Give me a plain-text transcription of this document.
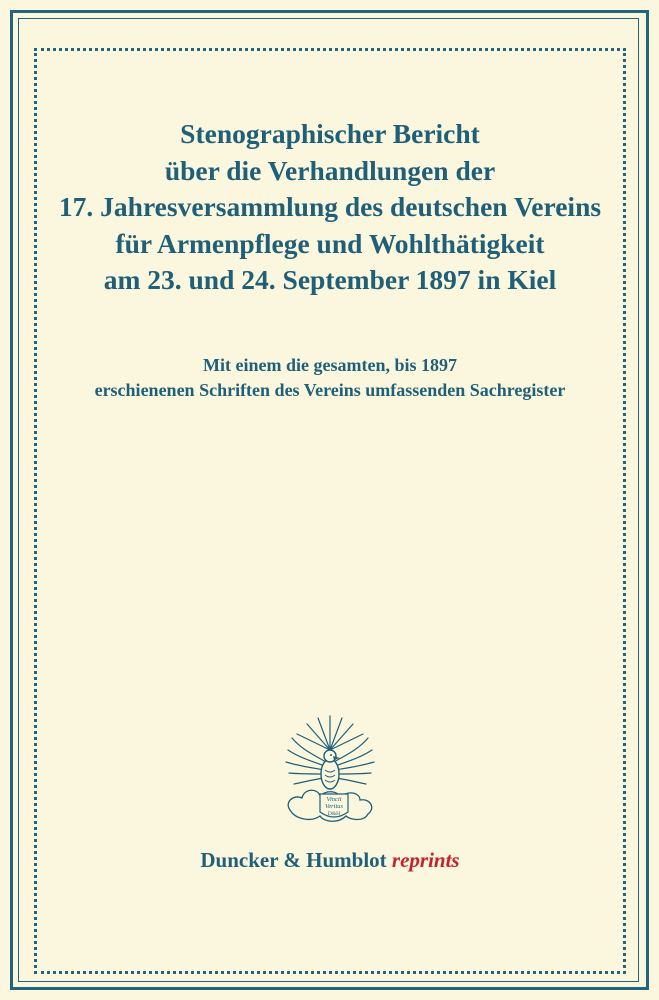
Stenographischer Bericht
über die Verhandlungen der
17. Jahresversammlung des deutschen Vereins
für Armenpflege und Wohlthätigkeit
am 23. und 24. September 1897 in Kiel
Mit einem die gesamten, bis 1897
erschienenen Schriften des Vereins umfassenden Sachregister
Vincit
Veritas
D&H
Duncker & Humblot reprints
